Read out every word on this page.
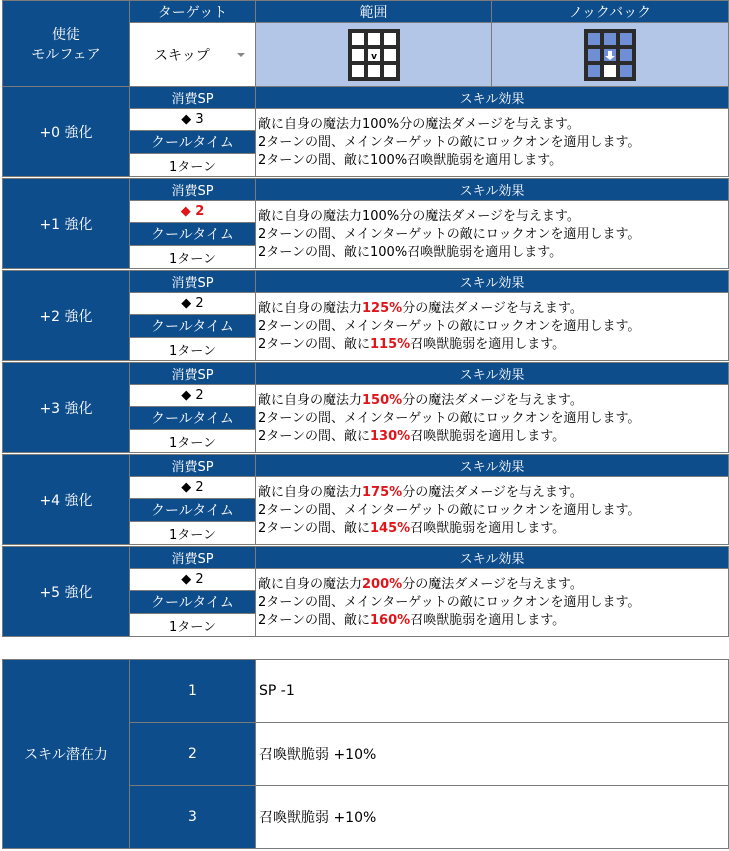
使徒
モルフェア	ターゲット	範囲	ノックバック

	スキップ	v

+0 強化	消費SP	スキル効果
	◆ 3	敵に自身の魔法力100%分の魔法ダメージを与えます。
2ターンの間、メインターゲットの敵にロックオンを適用します。
2ターンの間、敵に100%召喚獣脆弱を適用します。

	クールタイム	
	1ターン	
+1 強化	消費SP	スキル効果
	◆ 2	敵に自身の魔法力100%分の魔法ダメージを与えます。
2ターンの間、メインターゲットの敵にロックオンを適用します。
2ターンの間、敵に100%召喚獣脆弱を適用します。

	クールタイム	
	1ターン	
+2 強化	消費SP	スキル効果
	◆ 2	敵に自身の魔法力125%分の魔法ダメージを与えます。
2ターンの間、メインターゲットの敵にロックオンを適用します。
2ターンの間、敵に115%召喚獣脆弱を適用します。

	クールタイム	
	1ターン	
+3 強化	消費SP	スキル効果
	◆ 2	敵に自身の魔法力150%分の魔法ダメージを与えます。
2ターンの間、メインターゲットの敵にロックオンを適用します。
2ターンの間、敵に130%召喚獣脆弱を適用します。

	クールタイム	
	1ターン	
+4 強化	消費SP	スキル効果
	◆ 2	敵に自身の魔法力175%分の魔法ダメージを与えます。
2ターンの間、メインターゲットの敵にロックオンを適用します。
2ターンの間、敵に145%召喚獣脆弱を適用します。

	クールタイム	
	1ターン	
+5 強化	消費SP	スキル効果
	◆ 2	敵に自身の魔法力200%分の魔法ダメージを与えます。
2ターンの間、メインターゲットの敵にロックオンを適用します。
2ターンの間、敵に160%召喚獣脆弱を適用します。

	クールタイム	
	1ターン	
スキル潜在力	1	SP -1
	2	召喚獣脆弱 +10%
	3	召喚獣脆弱 +10%
